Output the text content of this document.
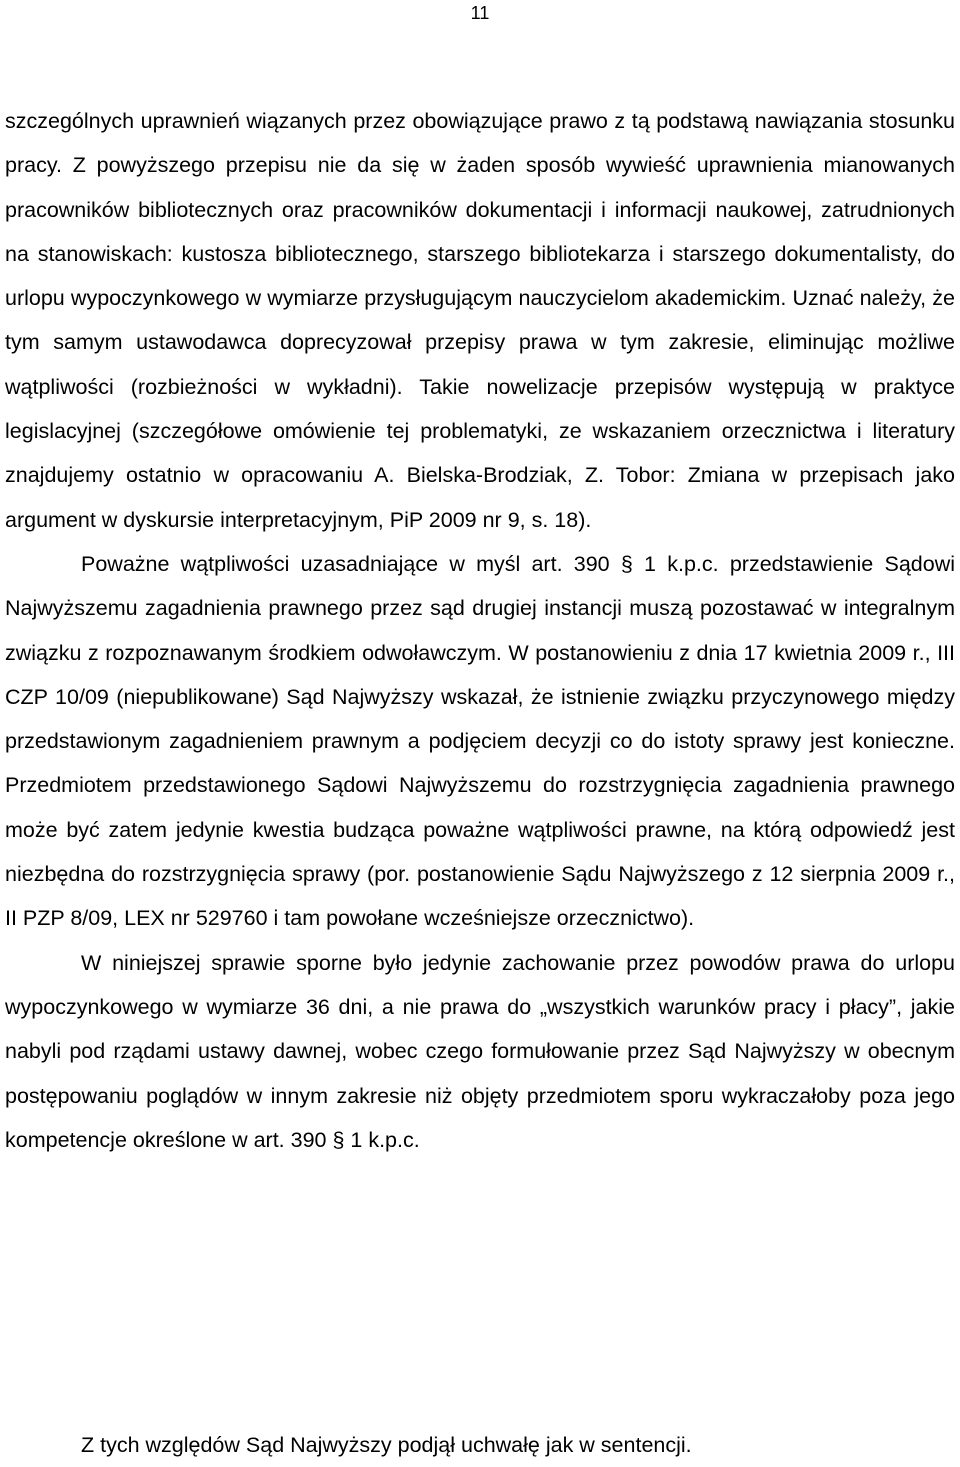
11

szczególnych uprawnień wiązanych przez obowiązujące prawo z tą podstawą nawiązania stosunku pracy. Z powyższego przepisu nie da się w żaden sposób wywieść uprawnienia mianowanych pracowników bibliotecznych oraz pracowników dokumentacji i informacji naukowej, zatrudnionych na stanowiskach: kustosza bibliotecznego, starszego bibliotekarza i starszego dokumentalisty, do urlopu wypoczynkowego w wymiarze przysługującym nauczycielom akademickim. Uznać należy, że tym samym ustawodawca doprecyzował przepisy prawa w tym zakresie, eliminując możliwe wątpliwości (rozbieżności w wykładni). Takie nowelizacje przepisów występują w praktyce legislacyjnej (szczegółowe omówienie tej problematyki, ze wskazaniem orzecznictwa i literatury znajdujemy ostatnio w opracowaniu A. Bielska-Brodziak, Z. Tobor: Zmiana w przepisach jako argument w dyskursie interpretacyjnym, PiP 2009 nr 9, s. 18).

Poważne wątpliwości uzasadniające w myśl art. 390 § 1 k.p.c. przedstawienie Sądowi Najwyższemu zagadnienia prawnego przez sąd drugiej instancji muszą pozostawać w integralnym związku z rozpoznawanym środkiem odwoławczym. W postanowieniu z dnia 17 kwietnia 2009 r., III CZP 10/09 (niepublikowane) Sąd Najwyższy wskazał, że istnienie związku przyczynowego między przedstawionym zagadnieniem prawnym a podjęciem decyzji co do istoty sprawy jest konieczne. Przedmiotem przedstawionego Sądowi Najwyższemu do rozstrzygnięcia zagadnienia prawnego może być zatem jedynie kwestia budząca poważne wątpliwości prawne, na którą odpowiedź jest niezbędna do rozstrzygnięcia sprawy (por. postanowienie Sądu Najwyższego z 12 sierpnia 2009 r., II PZP 8/09, LEX nr 529760 i tam powołane wcześniejsze orzecznictwo).

W niniejszej sprawie sporne było jedynie zachowanie przez powodów prawa do urlopu wypoczynkowego w wymiarze 36 dni, a nie prawa do „wszystkich warunków pracy i płacy”, jakie nabyli pod rządami ustawy dawnej, wobec czego formułowanie przez Sąd Najwyższy w obecnym postępowaniu poglądów w innym zakresie niż objęty przedmiotem sporu wykraczałoby poza jego kompetencje określone w art. 390 § 1 k.p.c.

Z tych względów Sąd Najwyższy podjął uchwałę jak w sentencji.
